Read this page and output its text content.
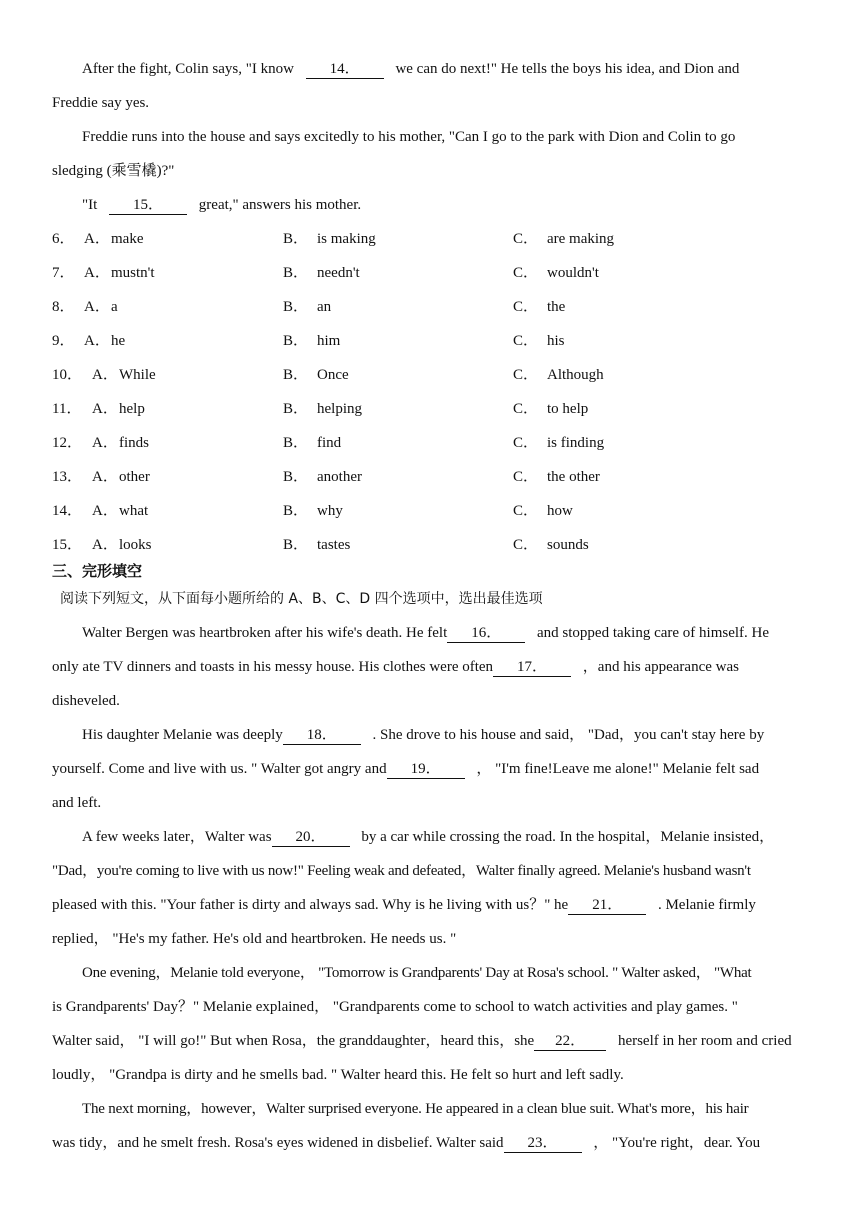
After the fight, Colin says, "I know 14． we can do next!" He tells the boys his idea, and Dion and
Freddie say yes.
Freddie runs into the house and says excitedly to his mother, "Can I go to the park with Dion and Colin to go
sledging (乘雪橇)?"
"It 15． great," answers his mother.
6． A． make	B． is making	C． are making
7． A． mustn't	B． needn't	C． wouldn't
8． A． a	B． an	C． the
9． A． he	B． him	C． his
10． A． While	B． Once	C． Although
11． A． help	B． helping	C． to help
12． A． finds	B． find	C． is finding
13． A． other	B． another	C． the other
14． A． what	B． why	C． how
15． A． looks	B． tastes	C． sounds
三、完形填空
阅读下列短文，从下面每小题所给的 A、B、C、D 四个选项中，选出最佳选项
Walter Bergen was heartbroken after his wife's death. He felt 16． and stopped taking care of himself. He
only ate TV dinners and toasts in his messy house. His clothes were often 17． ，and his appearance was
disheveled.
His daughter Melanie was deeply 18． . She drove to his house and said， "Dad，you can't stay here by
yourself. Come and live with us. " Walter got angry and 19． ， "I'm fine!Leave me alone!" Melanie felt sad
and left.
A few weeks later，Walter was 20． by a car while crossing the road. In the hospital，Melanie insisted，
"Dad，you're coming to live with us now!" Feeling weak and defeated，Walter finally agreed. Melanie's husband wasn't
pleased with this. "Your father is dirty and always sad. Why is he living with us？" he 21． . Melanie firmly
replied， "He's my father. He's old and heartbroken. He needs us. "
One evening，Melanie told everyone， "Tomorrow is Grandparents' Day at Rosa's school. " Walter asked， "What
is Grandparents' Day？" Melanie explained， "Grandparents come to school to watch activities and play games. "
Walter said， "I will go!" But when Rosa，the granddaughter，heard this，she 22． herself in her room and cried
loudly， "Grandpa is dirty and he smells bad. " Walter heard this. He felt so hurt and left sadly.
The next morning，however，Walter surprised everyone. He appeared in a clean blue suit. What's more，his hair
was tidy，and he smelt fresh. Rosa's eyes widened in disbelief. Walter said 23． ， "You're right，dear. You
